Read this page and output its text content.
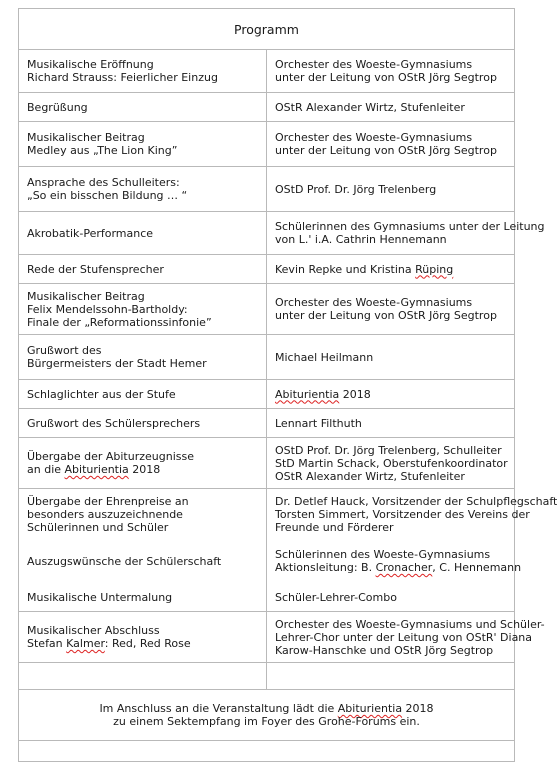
Programm	

Musikalische Eröffnung
Richard Strauss: Feierlicher Einzug	Orchester des Woeste-Gymnasiums
unter der Leitung von OStR Jörg Segtrop

Begrüßung	OStR Alexander Wirtz, Stufenleiter

Musikalischer Beitrag
Medley aus „The Lion King”	Orchester des Woeste-Gymnasiums
unter der Leitung von OStR Jörg Segtrop

Ansprache des Schulleiters:
„So ein bisschen Bildung … “	OStD Prof. Dr. Jörg Trelenberg

Akrobatik-Performance	Schülerinnen des Gymnasiums unter der Leitung
von L.' i.A. Cathrin Hennemann

Rede der Stufensprecher	Kevin Repke und Kristina Rüping

Musikalischer Beitrag
Felix Mendelssohn-Bartholdy:
Finale der „Reformationssinfonie”	Orchester des Woeste-Gymnasiums
unter der Leitung von OStR Jörg Segtrop

Grußwort des
Bürgermeisters der Stadt Hemer	Michael Heilmann

Schlaglichter aus der Stufe	Abiturientia 2018

Grußwort des Schülersprechers	Lennart Filthuth

Übergabe der Abiturzeugnisse
an die Abiturientia 2018	OStD Prof. Dr. Jörg Trelenberg, Schulleiter
StD Martin Schack, Oberstufenkoordinator
OStR Alexander Wirtz, Stufenleiter

Übergabe der Ehrenpreise an
besonders auszuzeichnende
Schülerinnen und Schüler	Dr. Detlef Hauck, Vorsitzender der Schulpflegschaft
Torsten Simmert, Vorsitzender des Vereins der
Freunde und Förderer

Auszugswünsche der Schülerschaft	Schülerinnen des Woeste-Gymnasiums
Aktionsleitung: B. Cronacher, C. Hennemann

Musikalische Untermalung	Schüler-Lehrer-Combo

Musikalischer Abschluss
Stefan Kalmer: Red, Red Rose	Orchester des Woeste-Gymnasiums und Schüler-
Lehrer-Chor unter der Leitung von OStR' Diana
Karow-Hanschke und OStR Jörg Segtrop

Im Anschluss an die Veranstaltung lädt die Abiturientia 2018
zu einem Sektempfang im Foyer des Grohe-Forums ein.	
